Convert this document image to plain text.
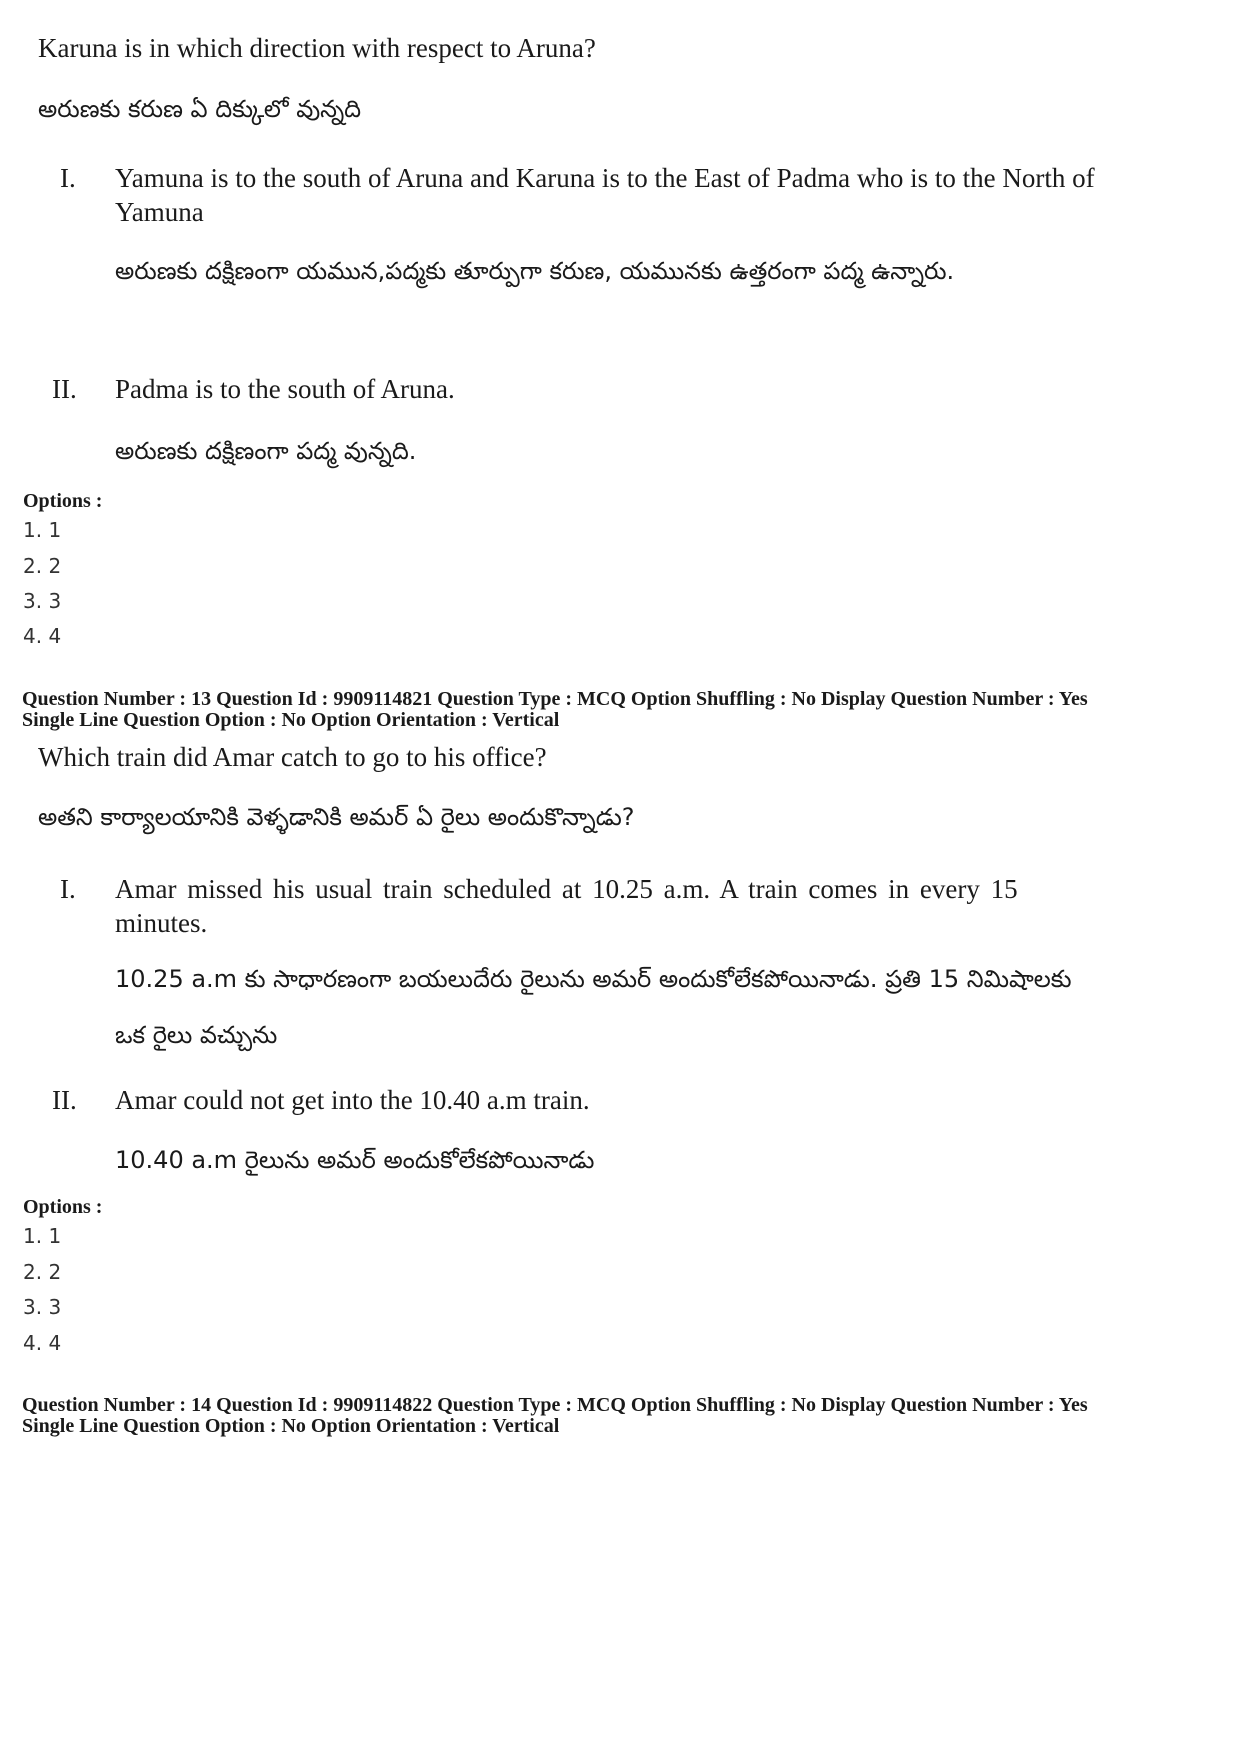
Karuna is in which direction with respect to Aruna?
అరుణకు కరుణ ఏ దిక్కులో వున్నది
I. Yamuna is to the south of Aruna and Karuna is to the East of Padma who is to the North of Yamuna
అరుణకు దక్షిణంగా యమున,పద్మకు తూర్పుగా కరుణ, యమునకు ఉత్తరంగా పద్మ ఉన్నారు.
II. Padma is to the south of Aruna.
అరుణకు దక్షిణంగా పద్మ వున్నది.
Options :
1. 1
2. 2
3. 3
4. 4
Question Number : 13 Question Id : 9909114821 Question Type : MCQ Option Shuffling : No Display Question Number : Yes
Single Line Question Option : No Option Orientation : Vertical
Which train did Amar catch to go to his office?
అతని కార్యాలయానికి వెళ్ళడానికి అమర్ ఏ రైలు అందుకొన్నాడు?
I. Amar missed his usual train scheduled at 10.25 a.m. A train comes in every 15 minutes.
10.25 a.m కు సాధారణంగా బయలుదేరు రైలును అమర్ అందుకోలేకపోయినాడు. ప్రతి 15 నిమిషాలకు ఒక రైలు వచ్చును
II. Amar could not get into the 10.40 a.m train.
10.40 a.m రైలును అమర్ అందుకోలేకపోయినాడు
Options :
1. 1
2. 2
3. 3
4. 4
Question Number : 14 Question Id : 9909114822 Question Type : MCQ Option Shuffling : No Display Question Number : Yes
Single Line Question Option : No Option Orientation : Vertical
